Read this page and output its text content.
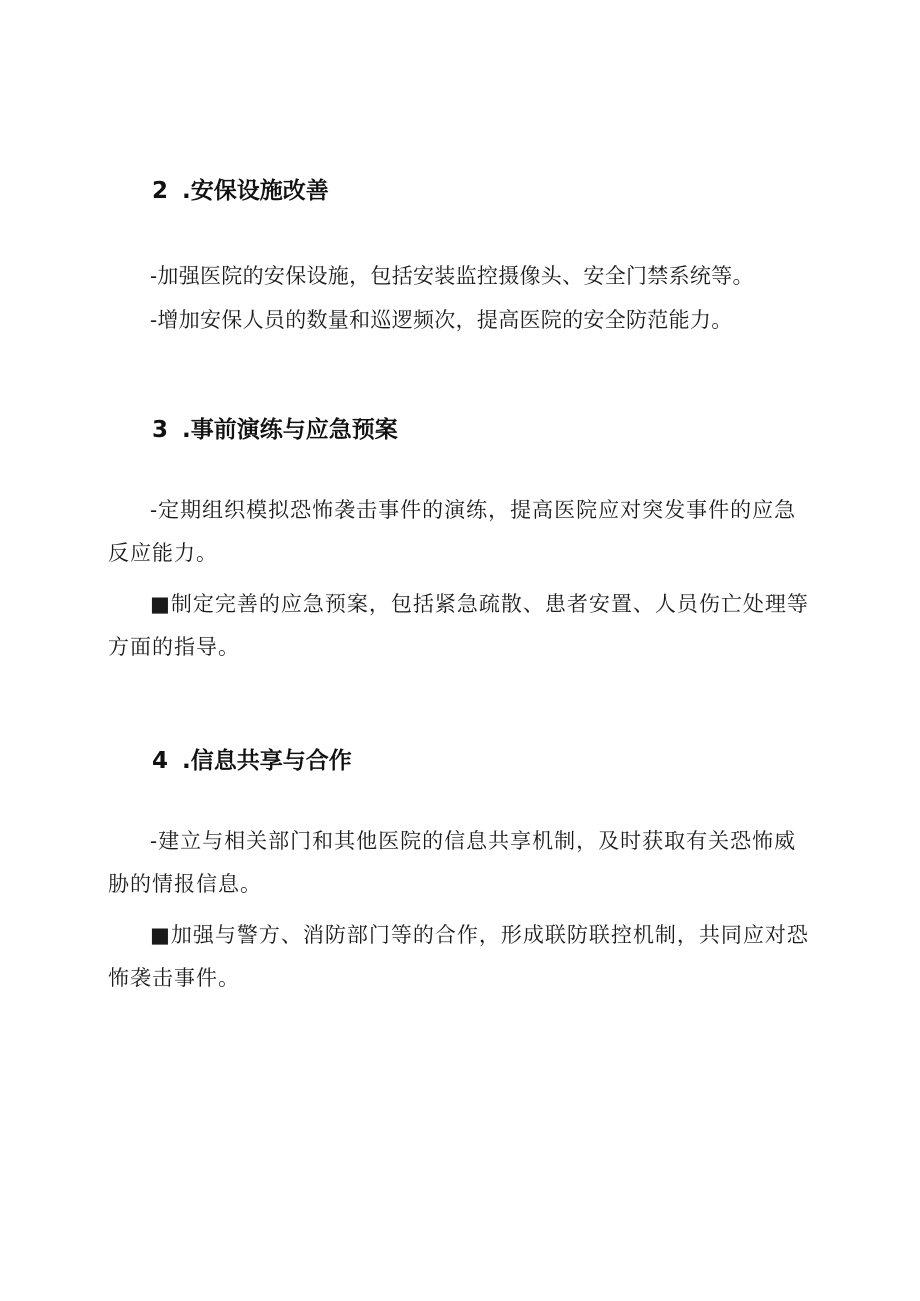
2 .安保设施改善
-加强医院的安保设施，包括安装监控摄像头、安全门禁系统等。
-增加安保人员的数量和巡逻频次，提高医院的安全防范能力。
3 .事前演练与应急预案
-定期组织模拟恐怖袭击事件的演练，提高医院应对突发事件的应急反应能力。
■制定完善的应急预案，包括紧急疏散、患者安置、人员伤亡处理等方面的指导。
4 .信息共享与合作
-建立与相关部门和其他医院的信息共享机制，及时获取有关恐怖威胁的情报信息。
■加强与警方、消防部门等的合作，形成联防联控机制，共同应对恐怖袭击事件。
